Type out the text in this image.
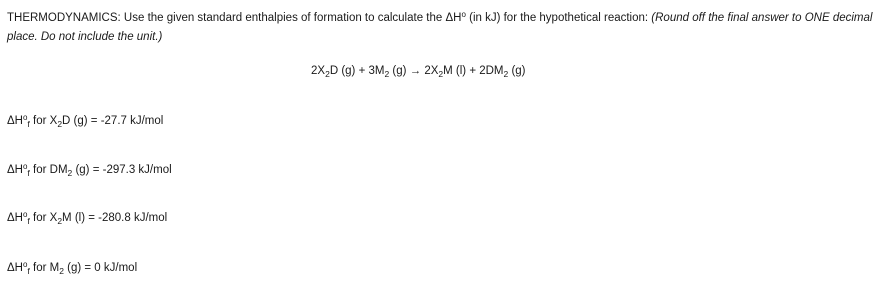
THERMODYNAMICS: Use the given standard enthalpies of formation to calculate the $\Delta H^o$ (in kJ) for the hypothetical reaction: (Round off the final answer to ONE decimal place. Do not include the unit.)

$2X_2D$ $(g) + 3M_2$ $(g) \to 2X_2M$ $(l) + 2DM_2$ (g)
$\Delta H^o_f$ for $X_2D$ (g) = -27.7 kJ/mol
$\Delta H^o_f$ for $DM_2$ (g) = -297.3 kJ/mol
$\Delta H^o_f$ for $X_2M$ (l) = -280.8 kJ/mol
$\Delta H^o_f$ for $M_2$ (g) = 0 kJ/mol
